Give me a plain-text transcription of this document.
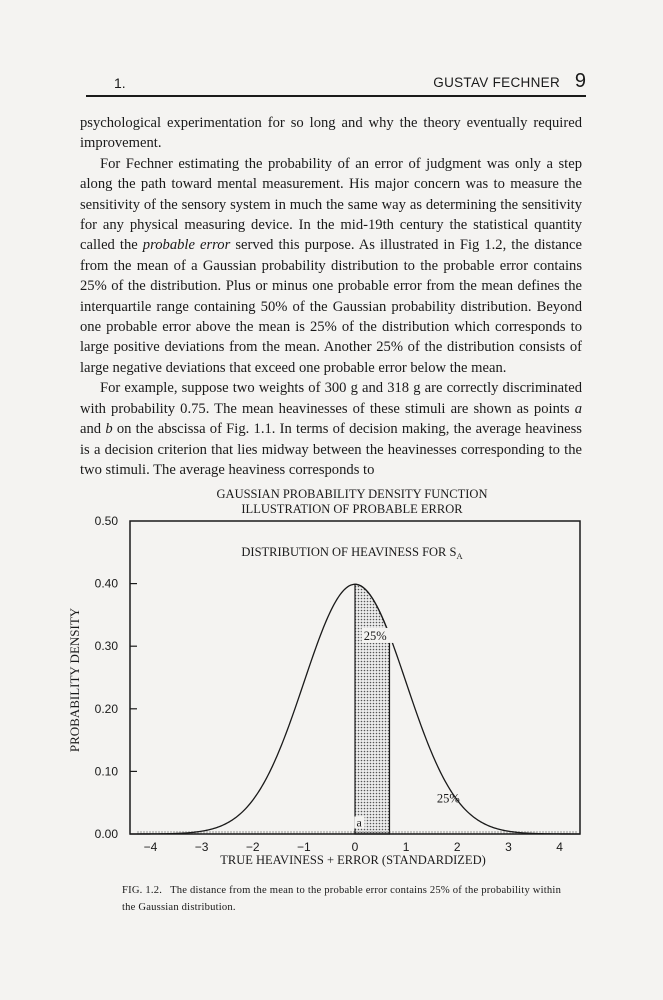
1.	GUSTAV FECHNER 9

psychological experimentation for so long and why the theory eventually required improvement.

For Fechner estimating the probability of an error of judgment was only a step along the path toward mental measurement. His major concern was to measure the sensitivity of the sensory system in much the same way as determining the sensitivity for any physical measuring device. In the mid-19th century the statistical quantity called the probable error served this purpose. As illustrated in Fig 1.2, the distance from the mean of a Gaussian probability distribution to the probable error contains 25% of the distribution. Plus or minus one probable error from the mean defines the interquartile range containing 50% of the Gaussian probability distribution. Beyond one probable error above the mean is 25% of the distribution which corresponds to large positive deviations from the mean. Another 25% of the distribution consists of large negative deviations that exceed one probable error below the mean.

For example, suppose two weights of 300 g and 318 g are correctly discriminated with probability 0.75. The mean heavinesses of these stimuli are shown as points a and b on the abscissa of Fig. 1.1. In terms of decision making, the average heaviness is a decision criterion that lies midway between the heavinesses corresponding to the two stimuli. The average heaviness corresponds to

GAUSSIAN PROBABILITY DENSITY FUNCTION
ILLUSTRATION OF PROBABLE ERROR
0.00
0.10
0.20
0.30
0.40
0.50
−4	−3	−2	−1	0	1	2	3	4
PROBABILITY DENSITY
TRUE HEAVINESS + ERROR (STANDARDIZED)
DISTRIBUTION OF HEAVINESS FOR $S_A$
25%
25%
a
FIG. 1.2. The distance from the mean to the probable error contains 25% of the probability within the Gaussian distribution.
